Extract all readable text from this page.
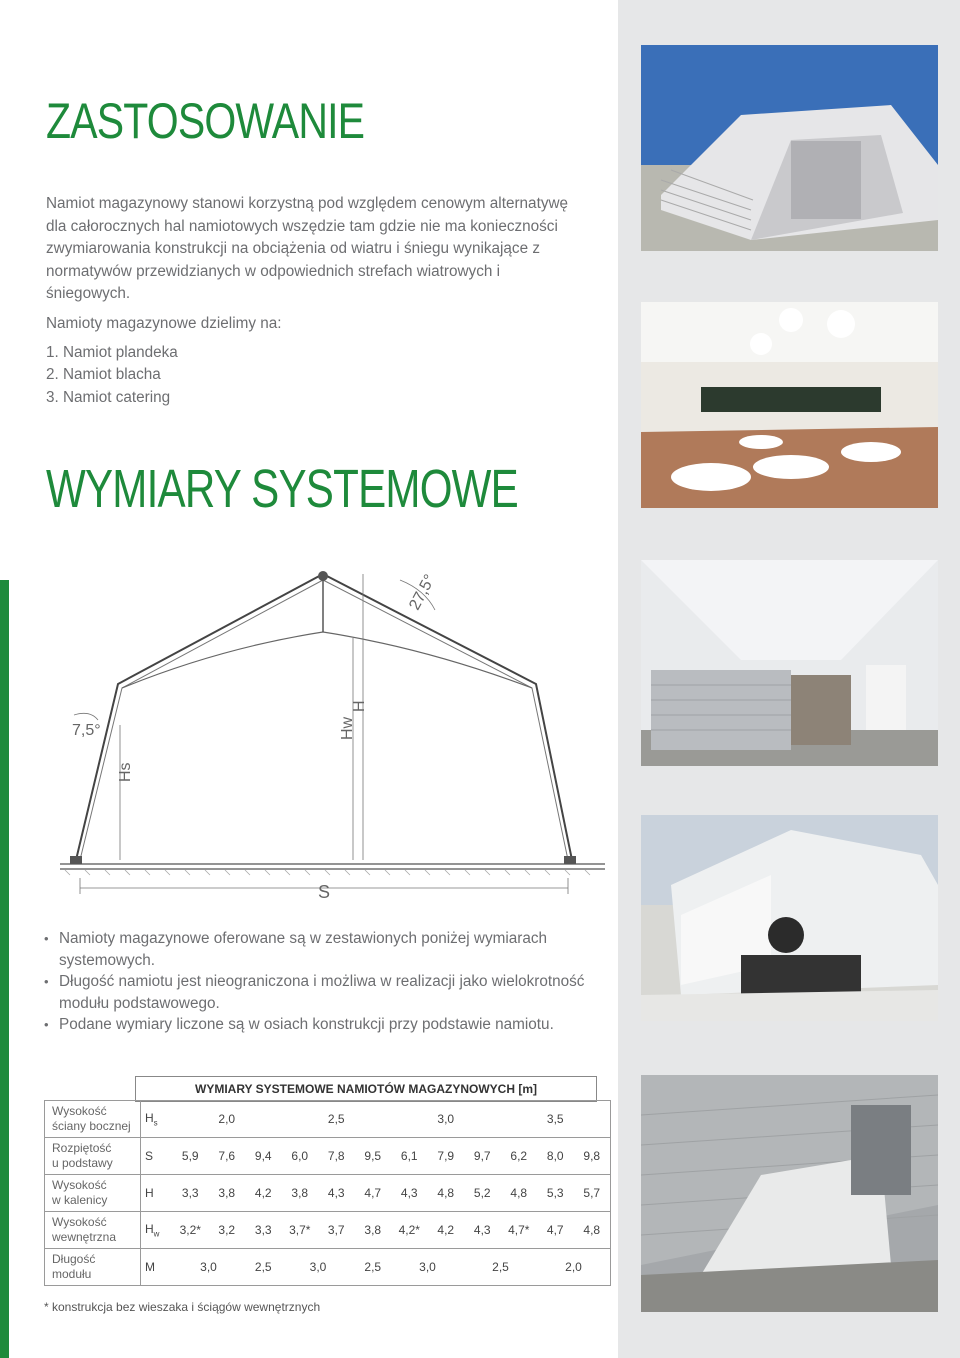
ZASTOSOWANIE

Namiot magazynowy stanowi korzystną pod względem cenowym alternatywę dla całorocznych hal namiotowych wszędzie tam gdzie nie ma konieczności zwymiarowania konstrukcji na obciążenia od wiatru i śniegu wynikające z normatywów przewidzianych w odpowiednich strefach wiatrowych i śniegowych.

Namioty magazynowe dzielimy na:
1. Namiot plandeka
2. Namiot blacha
3. Namiot catering
WYMIARY SYSTEMOWE
27,5°
7,5°
Hs
Hw
H
S
• Namioty magazynowe oferowane są w zestawionych poniżej wymiarach systemowych.
• Długość namiotu jest nieograniczona i możliwa w realizacji jako wielokrotność modułu podstawowego.
• Podane wymiary liczone są w osiach konstrukcji przy podstawie namiotu.
WYMIARY SYSTEMOWE NAMIOTÓW MAGAZYNOWYCH [m]
Wysokość
ściany bocznej	$H_s$	2,0			2,5			3,0			3,5		
Rozpiętość
u podstawy	S	5,9	7,6	9,4	6,0	7,8	9,5	6,1	7,9	9,7	6,2	8,0	9,8
Wysokość
w kalenicy	H	3,3	3,8	4,2	3,8	4,3	4,7	4,3	4,8	5,2	4,8	5,3	5,7
Wysokość
wewnętrzna	$H_w$	3,2*	3,2	3,3	3,7*	3,7	3,8	4,2*	4,2	4,3	4,7*	4,7	4,8
Długość
modułu	M	3,0		2,5	3,0		2,5	3,0		2,5		2,0	
* konstrukcja bez wieszaka i ściągów wewnętrznych
